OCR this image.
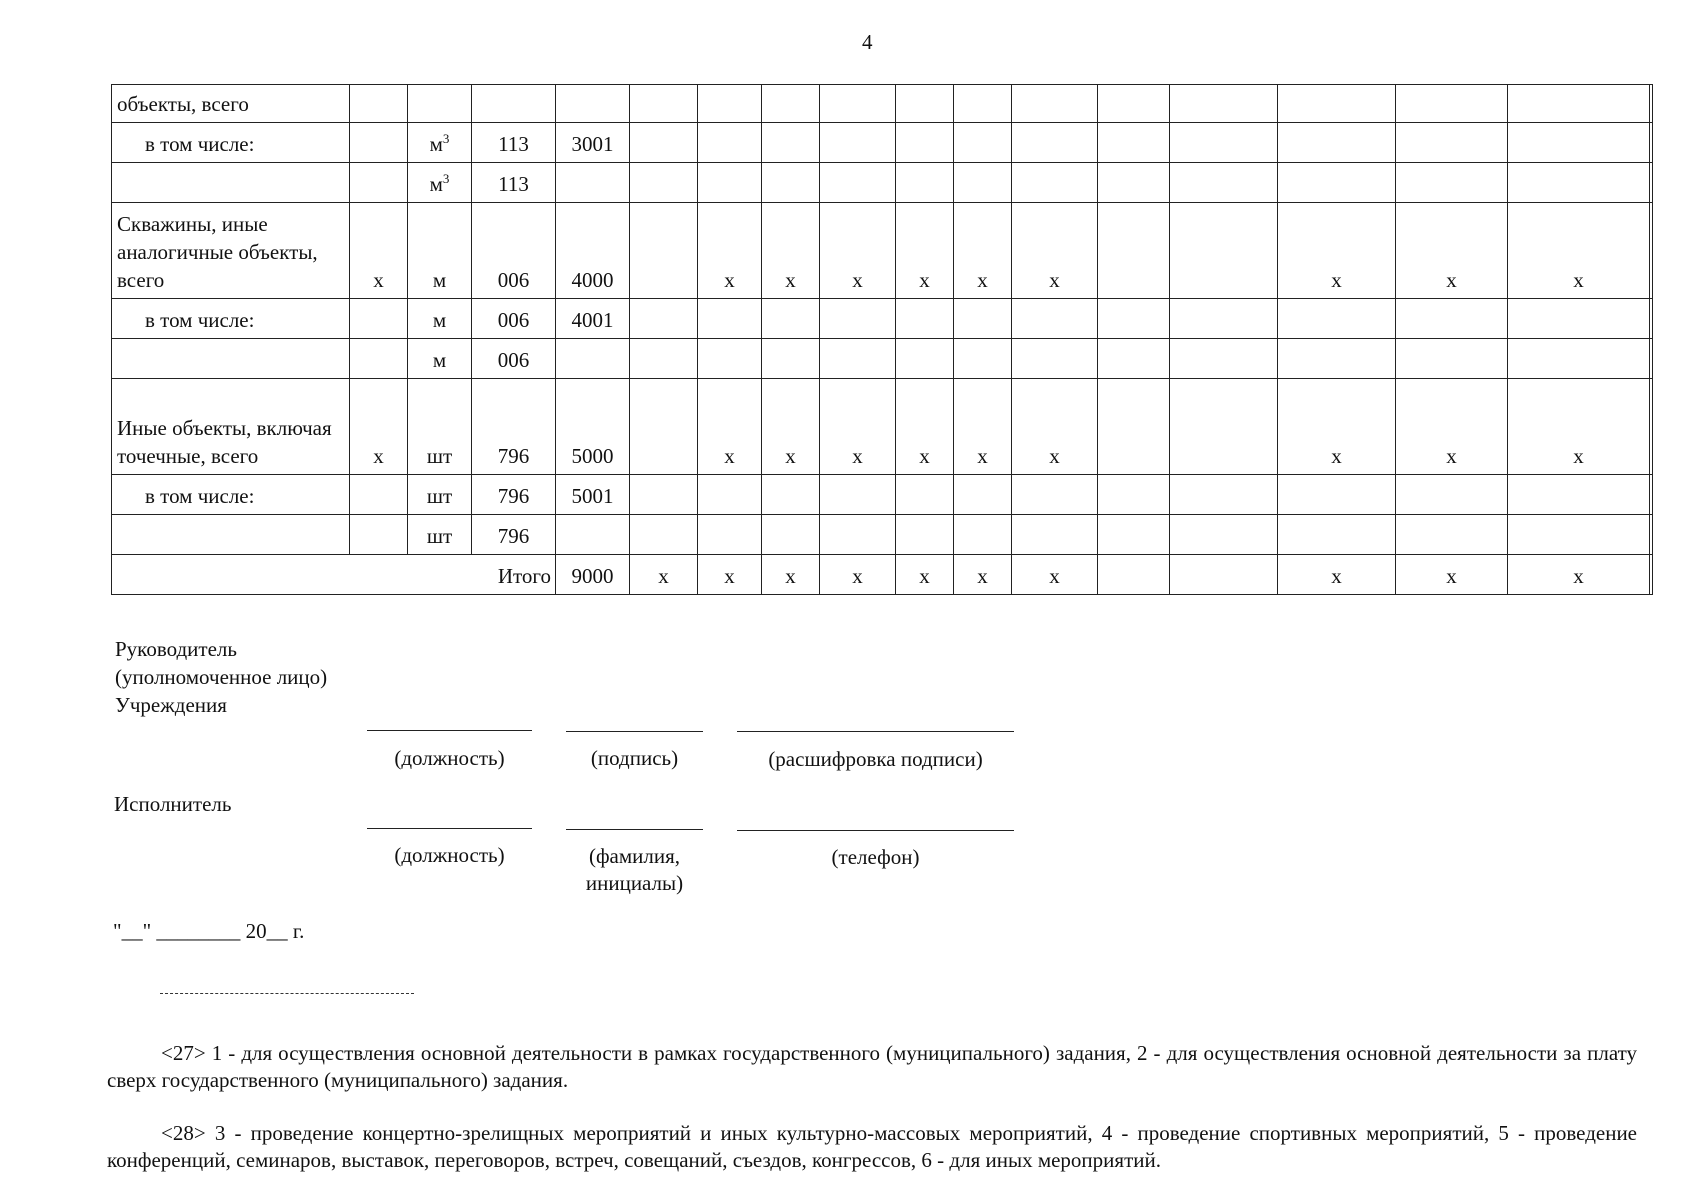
4
объекты, всего																	
в том числе:		$м^3$	113	3001													
		$м^3$	113														
Скважины, иные аналогичные объекты, всего	х	м	006	4000		х	х	х	х	х	х			х	х	х	
в том числе:		м	006	4001													
		м	006														
Иные объекты, включая точечные, всего	х	шт	796	5000		х	х	х	х	х	х			х	х	х	
в том числе:		шт	796	5001													
		шт	796														
Итого				9000	х	х	х	х	х	х	х			х	х	х	
Руководитель
(уполномоченное лицо)
Учреждения
(должность)	(подпись)	(расшифровка подписи)
Исполнитель
(должность)	(фамилия,
инициалы)
(телефон)
"__" ________ 20__ г.
<27> 1 - для осуществления основной деятельности в рамках государственного (муниципального) задания, 2 - для осуществления основной деятельности за плату сверх государственного (муниципального) задания.
<28> 3 - проведение концертно-зрелищных мероприятий и иных культурно-массовых мероприятий, 4 - проведение спортивных мероприятий, 5 - проведение конференций, семинаров, выставок, переговоров, встреч, совещаний, съездов, конгрессов, 6 - для иных мероприятий.
